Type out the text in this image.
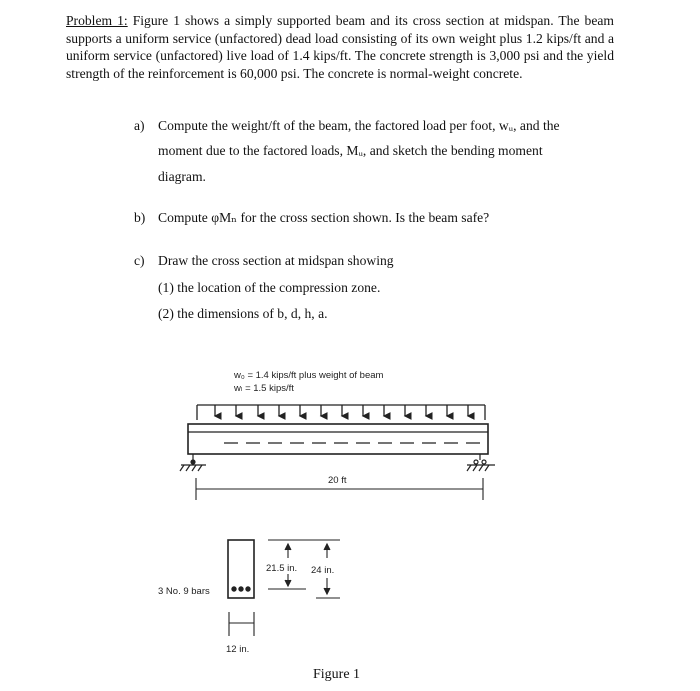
Problem 1: Figure 1 shows a simply supported beam and its cross section at midspan. The beam supports a uniform service (unfactored) dead load consisting of its own weight plus 1.2 kips/ft and a uniform service (unfactored) live load of 1.4 kips/ft. The concrete strength is 3,000 psi and the yield strength of the reinforcement is 60,000 psi. The concrete is normal-weight concrete.
a) Compute the weight/ft of the beam, the factored load per foot, wᵤ, and the
moment due to the factored loads, Mᵤ, and sketch the bending moment
diagram.
b) Compute φMₙ for the cross section shown. Is the beam safe?
c) Draw the cross section at midspan showing
(1) the location of the compression zone.
(2) the dimensions of b, d, h, a.
w₀ = 1.4 kips/ft plus weight of beam
wₗ = 1.5 kips/ft
20 ft
3 No. 9 bars
12 in.
21.5 in. 24 in.
Figure 1
